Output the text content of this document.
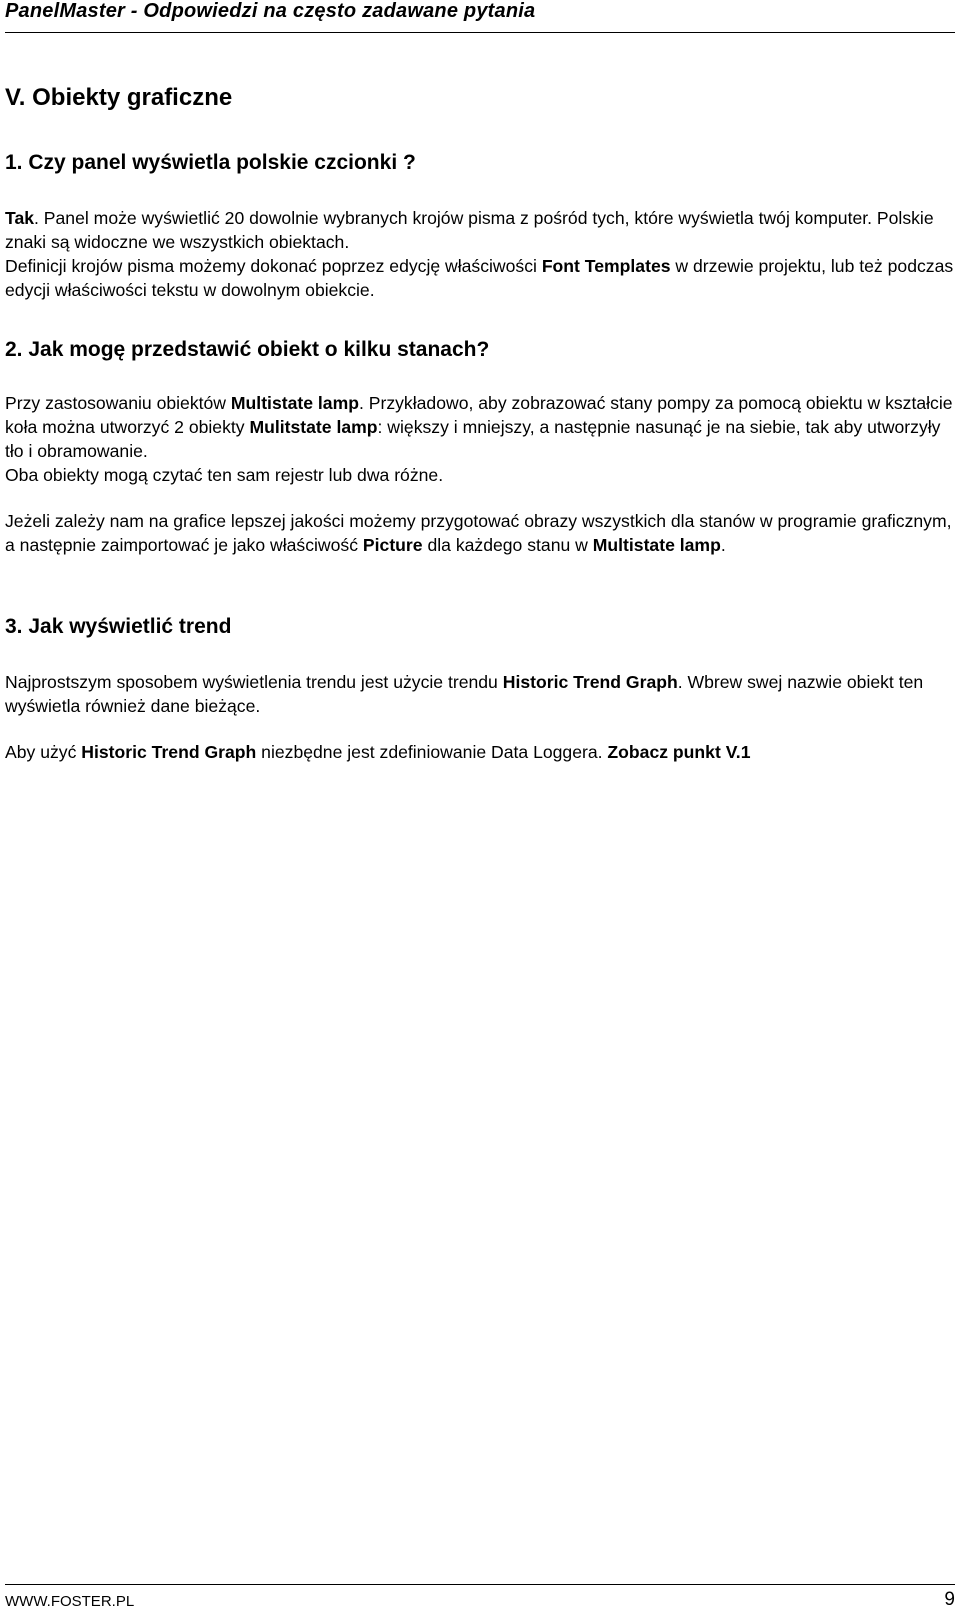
PanelMaster - Odpowiedzi na często zadawane pytania
V. Obiekty graficzne
1. Czy panel wyświetla polskie czcionki ?
Tak. Panel może wyświetlić 20 dowolnie wybranych krojów pisma z pośród tych, które wyświetla twój komputer. Polskie znaki są widoczne we wszystkich obiektach.
Definicji krojów pisma możemy dokonać poprzez edycję właściwości Font Templates w drzewie projektu, lub też podczas edycji właściwości tekstu w dowolnym obiekcie.
2. Jak mogę przedstawić obiekt o kilku stanach?
Przy zastosowaniu obiektów Multistate lamp. Przykładowo, aby zobrazować stany pompy za pomocą obiektu w kształcie koła można utworzyć 2 obiekty Mulitstate lamp: większy i mniejszy, a następnie nasunąć je na siebie, tak aby utworzyły tło i obramowanie.
Oba obiekty mogą czytać ten sam rejestr lub dwa różne.
Jeżeli zależy nam na grafice lepszej jakości możemy przygotować obrazy wszystkich dla stanów w programie graficznym, a następnie zaimportować je jako właściwość Picture dla każdego stanu w Multistate lamp.
3. Jak wyświetlić trend
Najprostszym sposobem wyświetlenia trendu jest użycie trendu Historic Trend Graph. Wbrew swej nazwie obiekt ten wyświetla również dane bieżące.
Aby użyć Historic Trend Graph niezbędne jest zdefiniowanie Data Loggera. Zobacz punkt V.1
WWW.FOSTER.PL	9
